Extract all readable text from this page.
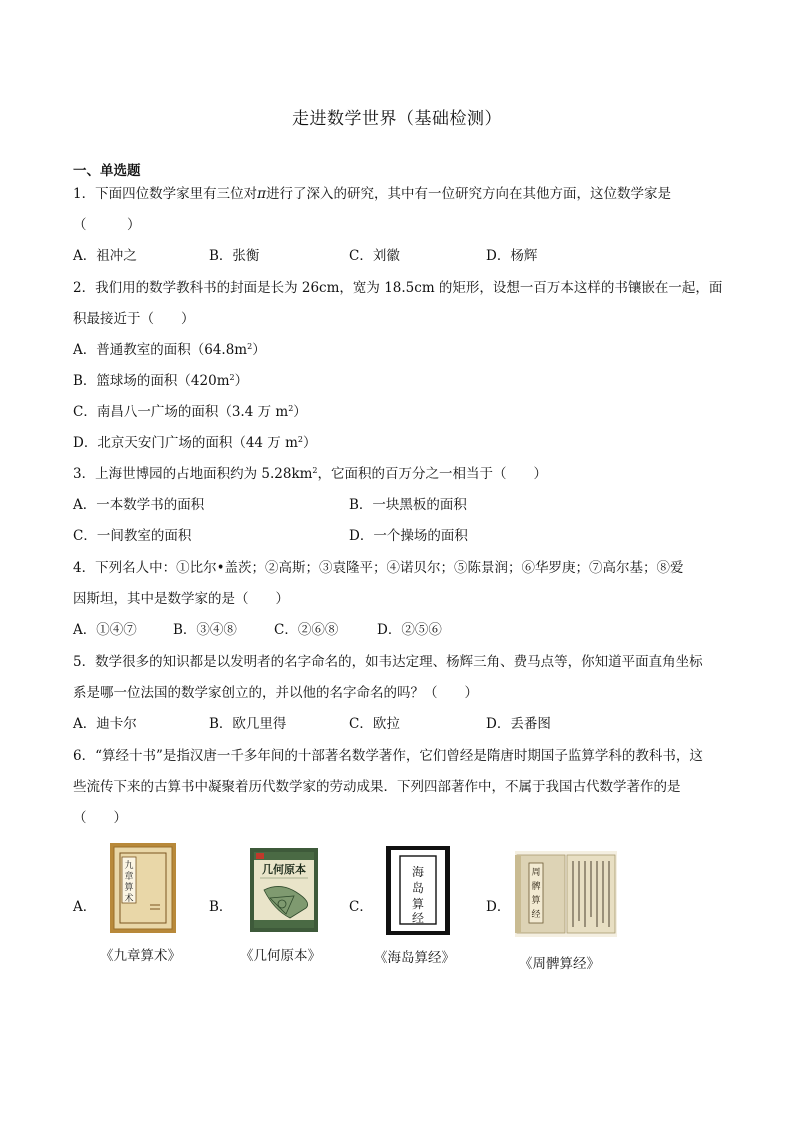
走进数学世界（基础检测）
一、单选题
1．下面四位数学家里有三位对π进行了深入的研究，其中有一位研究方向在其他方面，这位数学家是
（　　　）
A．祖冲之	B．张衡	C．刘徽	D．杨辉
2．我们用的数学教科书的封面是长为 26cm，宽为 18.5cm 的矩形，设想一百万本这样的书镶嵌在一起，面
积最接近于（　　）
A．普通教室的面积$(64.8m^2)$
B．篮球场的面积$(420m^2)$
C．南昌八一广场的面积（3.4 万 $m^2$）
D．北京天安门广场的面积（44 万 $m^2$）
3．上海世博园的占地面积约为 $5.28km^2$，它面积的百万分之一相当于（　　）
A．一本数学书的面积	B．一块黑板的面积
C．一间教室的面积	D．一个操场的面积
4．下列名人中：①比尔•盖茨；②高斯；③袁隆平；④诺贝尔；⑤陈景润；⑥华罗庚；⑦高尔基；⑧爱
因斯坦，其中是数学家的是（　　）
A．①④⑦	B．③④⑧	C．②⑥⑧	D．②⑤⑥
5．数学很多的知识都是以发明者的名字命名的，如韦达定理、杨辉三角、费马点等，你知道平面直角坐标
系是哪一位法国的数学家创立的，并以他的名字命名的吗？（　　）
A．迪卡尔	B．欧几里得	C．欧拉	D．丢番图
6．“算经十书”是指汉唐一千多年间的十部著名数学著作，它们曾经是隋唐时期国子监算学科的教科书，这
些流传下来的古算书中凝聚着历代数学家的劳动成果．下列四部著作中，不属于我国古代数学著作的是
（　　）
A．	B．	C．	D．
九
章
算
术
几何原本	海
岛
算
经
周
髀
算
经
《九章算术》	《几何原本》	《海岛算经》	《周髀算经》
